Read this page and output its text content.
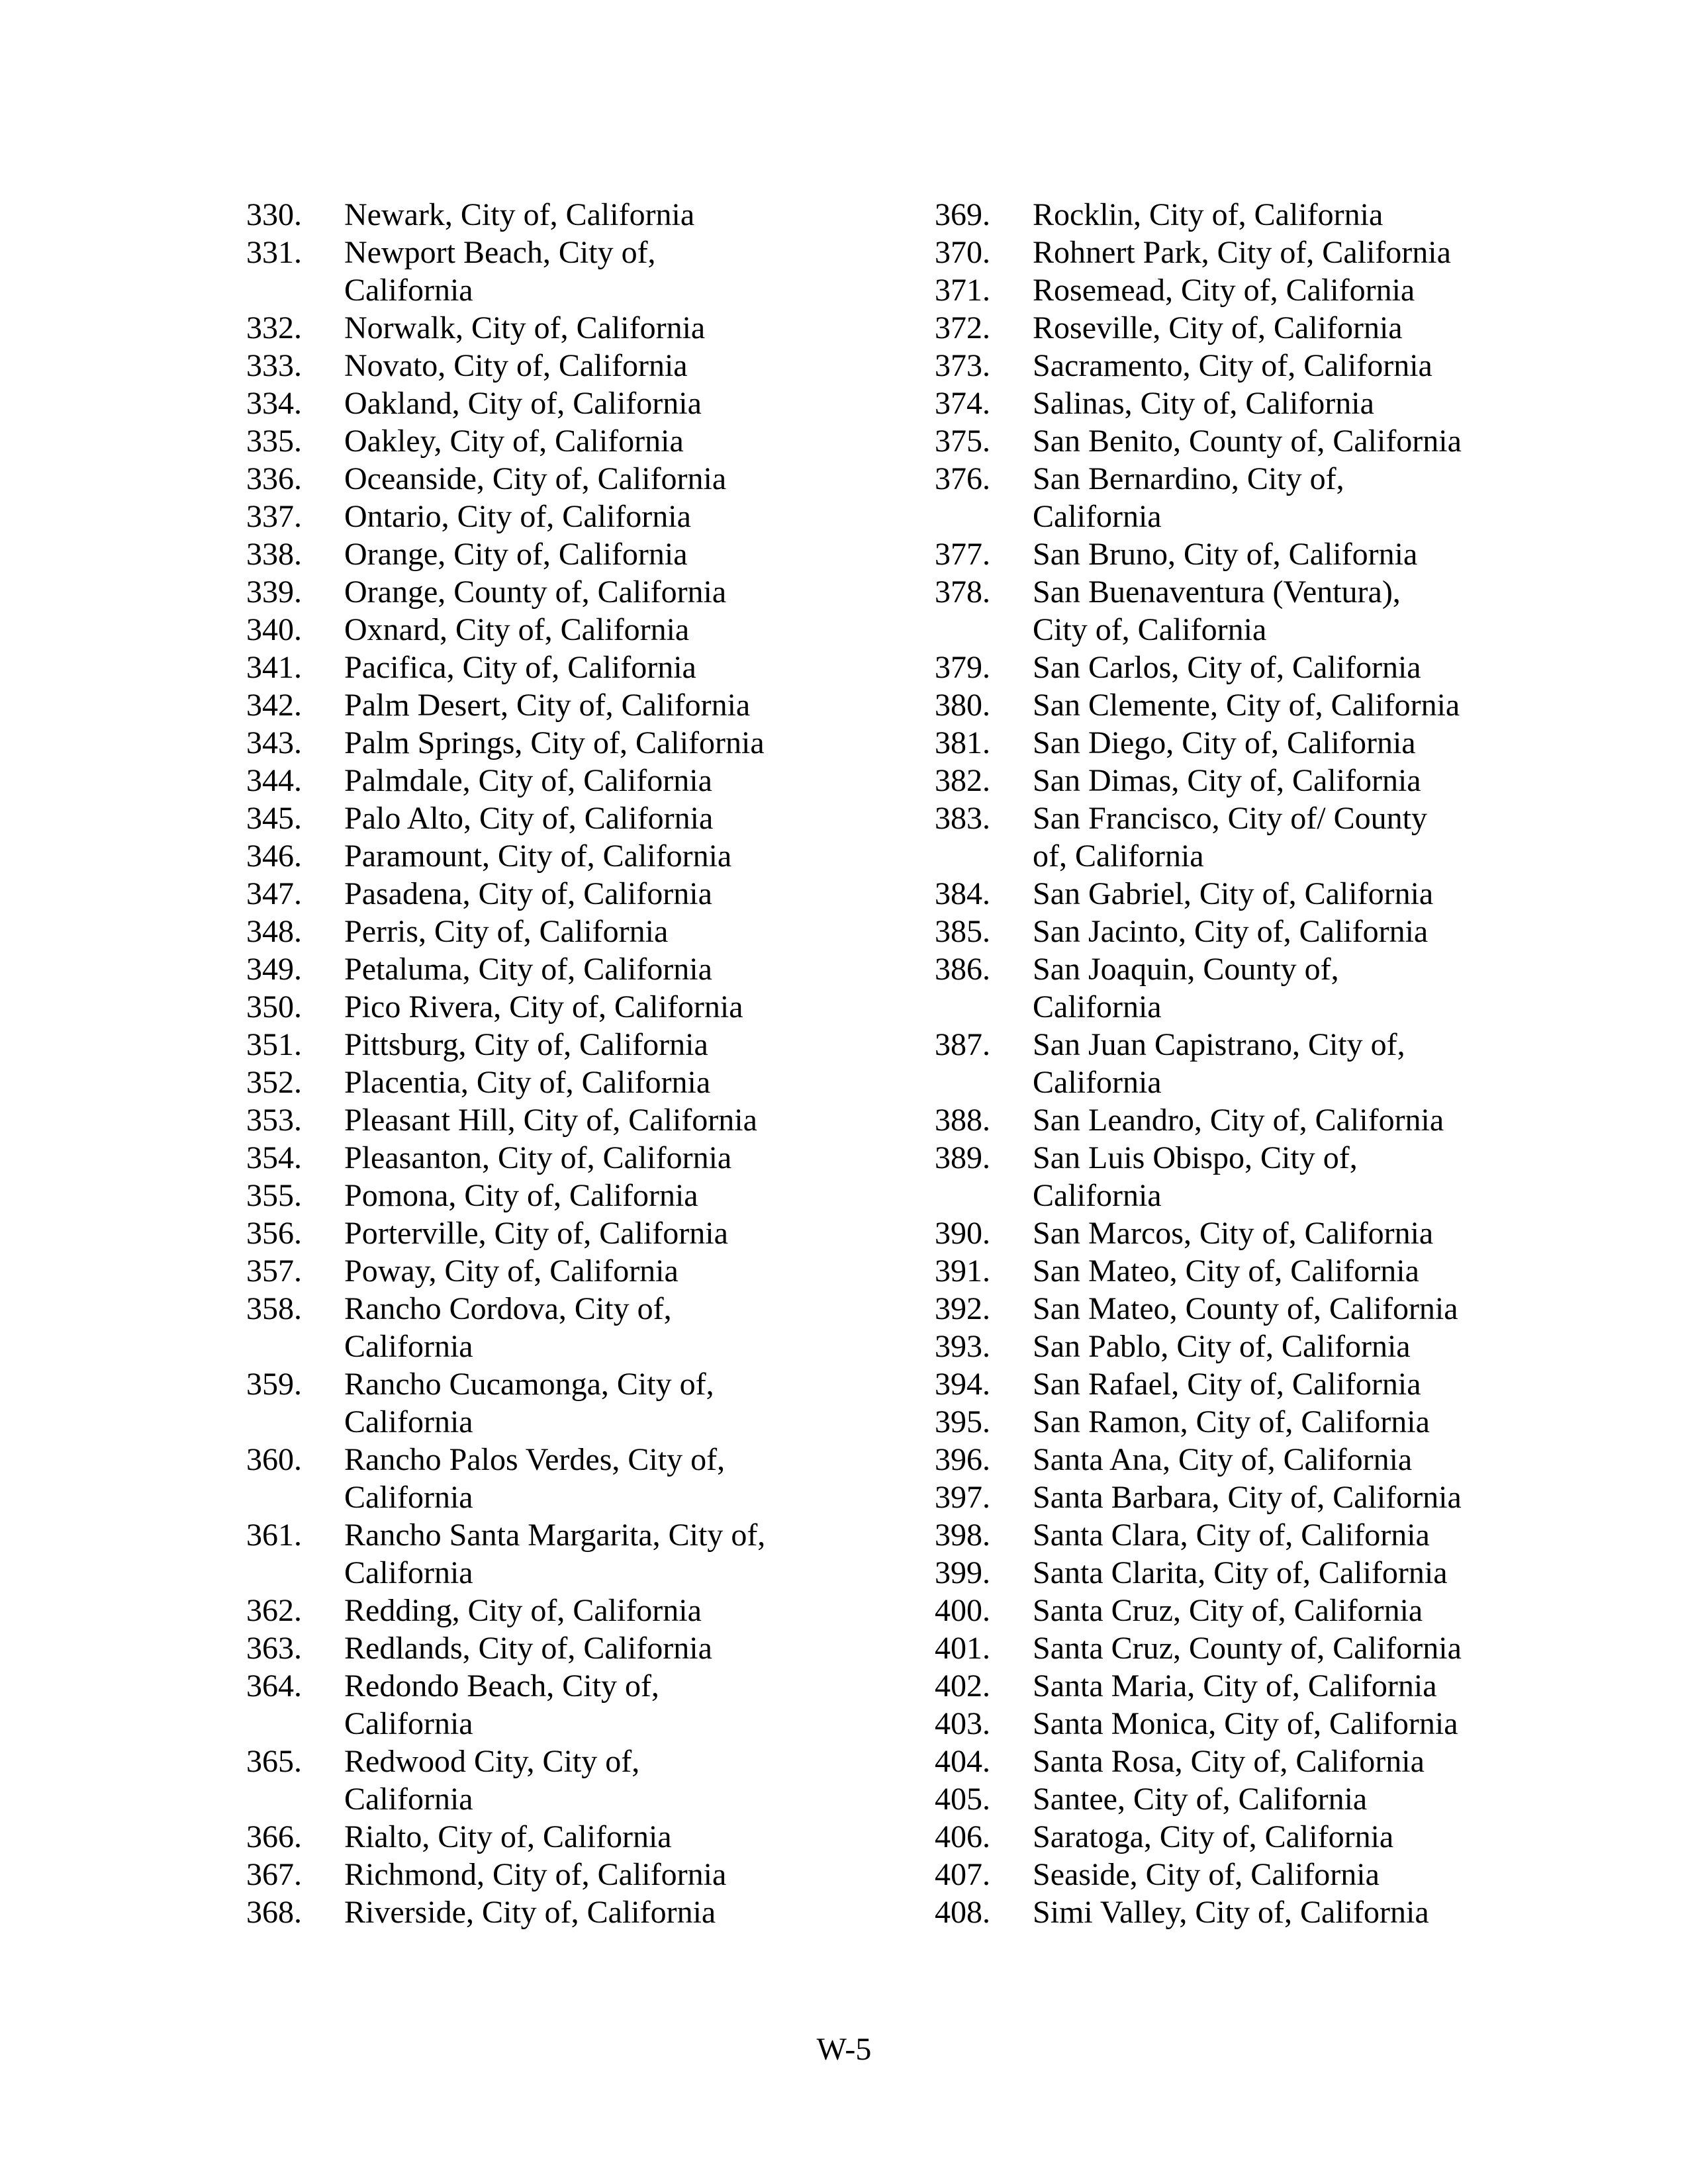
330.	Newark, City of, California
331.	Newport Beach, City of,
California
332.	Norwalk, City of, California
333.	Novato, City of, California
334.	Oakland, City of, California
335.	Oakley, City of, California
336.	Oceanside, City of, California
337.	Ontario, City of, California
338.	Orange, City of, California
339.	Orange, County of, California
340.	Oxnard, City of, California
341.	Pacifica, City of, California
342.	Palm Desert, City of, California
343.	Palm Springs, City of, California
344.	Palmdale, City of, California
345.	Palo Alto, City of, California
346.	Paramount, City of, California
347.	Pasadena, City of, California
348.	Perris, City of, California
349.	Petaluma, City of, California
350.	Pico Rivera, City of, California
351.	Pittsburg, City of, California
352.	Placentia, City of, California
353.	Pleasant Hill, City of, California
354.	Pleasanton, City of, California
355.	Pomona, City of, California
356.	Porterville, City of, California
357.	Poway, City of, California
358.	Rancho Cordova, City of,
California
359.	Rancho Cucamonga, City of,
California
360.	Rancho Palos Verdes, City of,
California
361.	Rancho Santa Margarita, City of,
California
362.	Redding, City of, California
363.	Redlands, City of, California
364.	Redondo Beach, City of,
California
365.	Redwood City, City of,
California
366.	Rialto, City of, California
367.	Richmond, City of, California
368.	Riverside, City of, California
369.	Rocklin, City of, California
370.	Rohnert Park, City of, California
371.	Rosemead, City of, California
372.	Roseville, City of, California
373.	Sacramento, City of, California
374.	Salinas, City of, California
375.	San Benito, County of, California
376.	San Bernardino, City of,
California
377.	San Bruno, City of, California
378.	San Buenaventura (Ventura),
City of, California
379.	San Carlos, City of, California
380.	San Clemente, City of, California
381.	San Diego, City of, California
382.	San Dimas, City of, California
383.	San Francisco, City of/ County
of, California
384.	San Gabriel, City of, California
385.	San Jacinto, City of, California
386.	San Joaquin, County of,
California
387.	San Juan Capistrano, City of,
California
388.	San Leandro, City of, California
389.	San Luis Obispo, City of,
California
390.	San Marcos, City of, California
391.	San Mateo, City of, California
392.	San Mateo, County of, California
393.	San Pablo, City of, California
394.	San Rafael, City of, California
395.	San Ramon, City of, California
396.	Santa Ana, City of, California
397.	Santa Barbara, City of, California
398.	Santa Clara, City of, California
399.	Santa Clarita, City of, California
400.	Santa Cruz, City of, California
401.	Santa Cruz, County of, California
402.	Santa Maria, City of, California
403.	Santa Monica, City of, California
404.	Santa Rosa, City of, California
405.	Santee, City of, California
406.	Saratoga, City of, California
407.	Seaside, City of, California
408.	Simi Valley, City of, California
W-5
